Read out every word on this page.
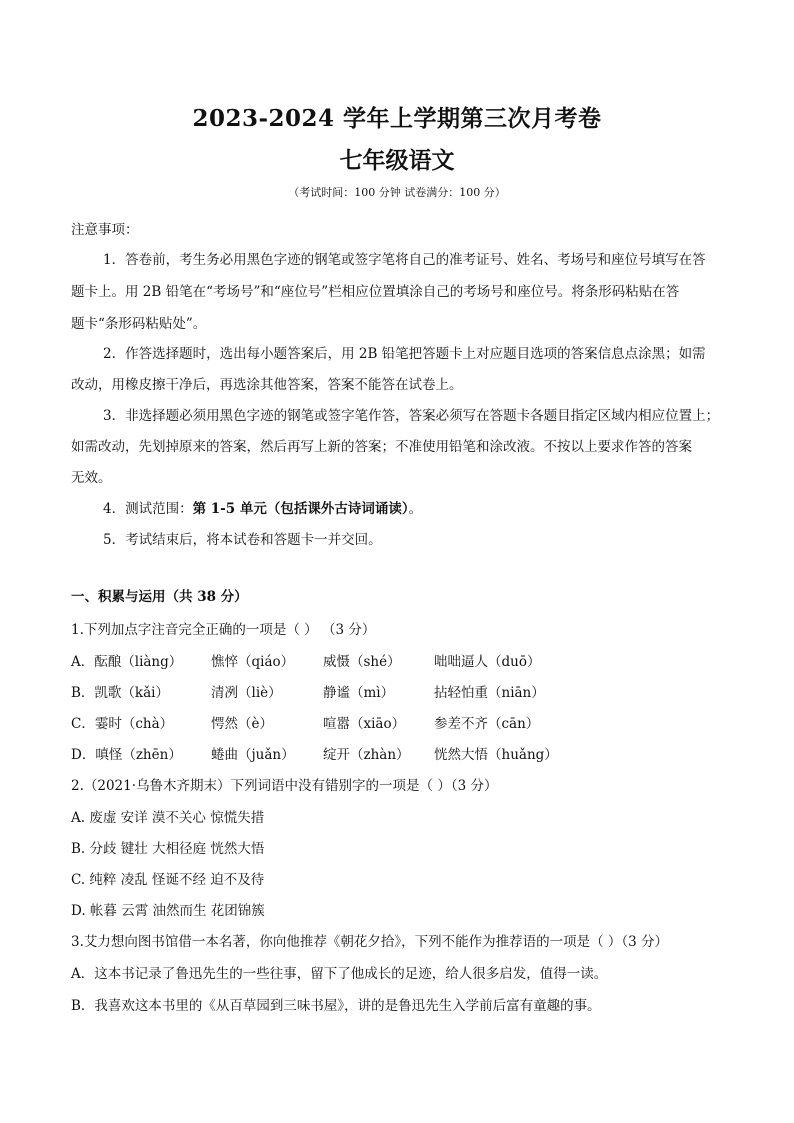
2023-2024 学年上学期第三次月考卷
七年级语文
（考试时间：100 分钟 试卷满分：100 分）
注意事项：
1．答卷前，考生务必用黑色字迹的钢笔或签字笔将自己的准考证号、姓名、考场号和座位号填写在答
题卡上。用 2B 铅笔在“考场号”和“座位号”栏相应位置填涂自己的考场号和座位号。将条形码粘贴在答
题卡“条形码粘贴处”。
2．作答选择题时，选出每小题答案后，用 2B 铅笔把答题卡上对应题目选项的答案信息点涂黑；如需
改动，用橡皮擦干净后，再选涂其他答案，答案不能答在试卷上。
3．非选择题必须用黑色字迹的钢笔或签字笔作答，答案必须写在答题卡各题目指定区域内相应位置上；
如需改动，先划掉原来的答案，然后再写上新的答案；不准使用铅笔和涂改液。不按以上要求作答的答案
无效。
4．测试范围：第 1-5 单元（包括课外古诗词诵读）。
5．考试结束后，将本试卷和答题卡一并交回。
一、积累与运用（共 38 分）
1.下列加点字注音完全正确的一项是（ ） （3 分）
A．酝酿（liàng） 憔悴（qiáo） 威慑（shé） 咄咄逼人（duō）
B．凯歌（kǎi）	清冽（liè）	静谧（mì）	拈轻怕重（niān）
C．霎时（chà）	愕然（è）	喧嚣（xiāo） 参差不齐（cān）
D．嗔怪（zhēn） 蜷曲（juǎn） 绽开（zhàn） 恍然大悟（huǎng）
2.（2021·乌鲁木齐期末）下列词语中没有错别字的一项是（ ）（3 分）
A. 废虚 安详 漠不关心 惊慌失措
B. 分歧 键壮 大相径庭 恍然大悟
C. 纯粹 凌乱 怪诞不经 迫不及待
D. 帐暮 云霄 油然而生 花团锦簇
3.艾力想向图书馆借一本名著，你向他推荐《朝花夕拾》，下列不能作为推荐语的一项是（ ）（3 分）
A．这本书记录了鲁迅先生的一些往事，留下了他成长的足迹，给人很多启发，值得一读。
B．我喜欢这本书里的《从百草园到三味书屋》，讲的是鲁迅先生入学前后富有童趣的事。
